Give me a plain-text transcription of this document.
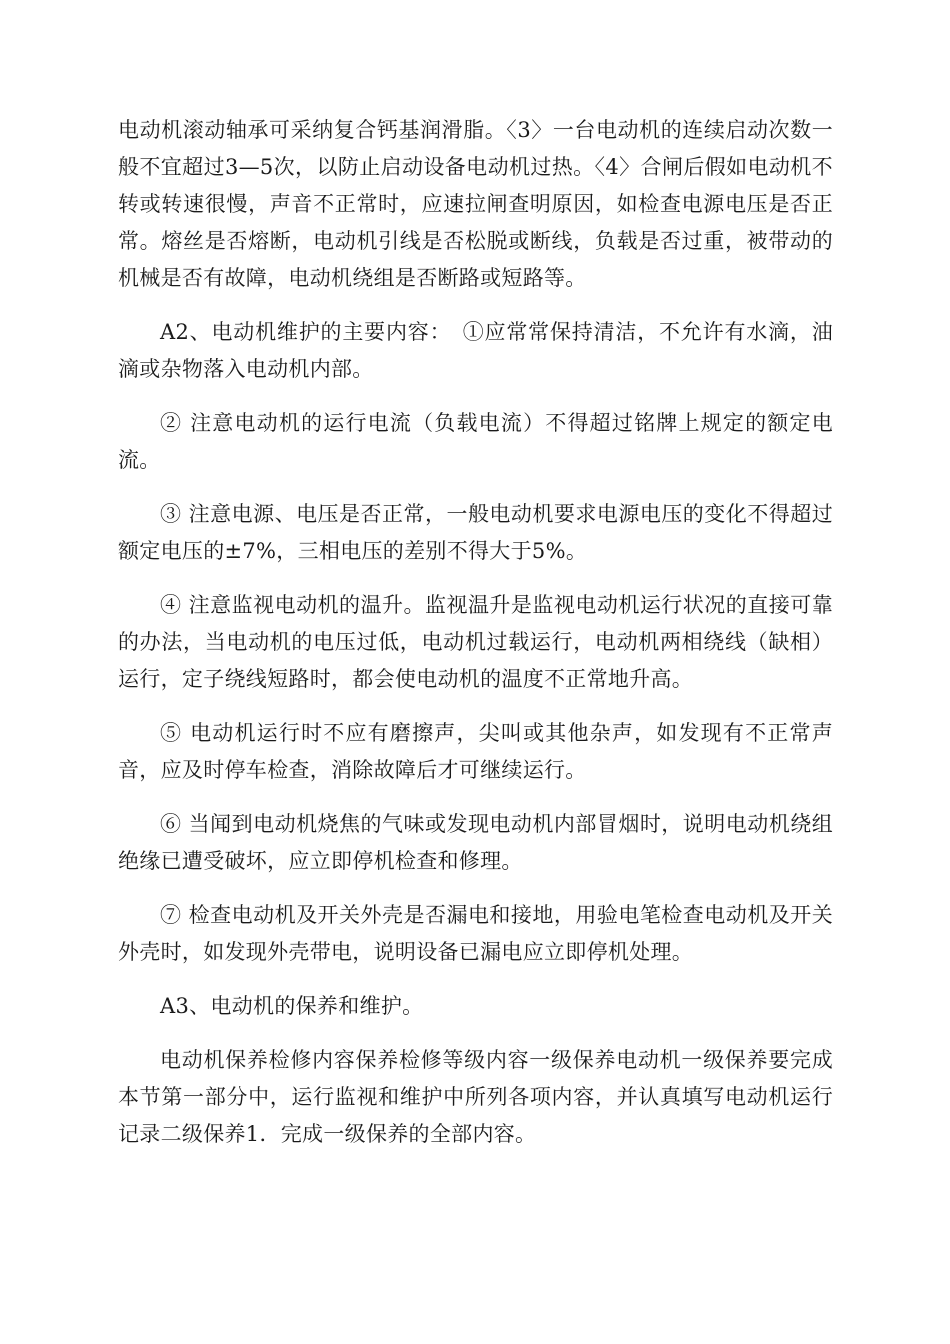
电动机滚动轴承可采纳复合钙基润滑脂。〈3〉一台电动机的连续启动次数一般不宜超过3—5次，以防止启动设备电动机过热。〈4〉合闸后假如电动机不转或转速很慢，声音不正常时，应速拉闸查明原因，如检查电源电压是否正常。熔丝是否熔断，电动机引线是否松脱或断线，负载是否过重，被带动的机械是否有故障，电动机绕组是否断路或短路等。

A2、电动机维护的主要内容：　①应常常保持清洁，不允许有水滴，油滴或杂物落入电动机内部。

② 注意电动机的运行电流（负载电流）不得超过铭牌上规定的额定电流。

③ 注意电源、电压是否正常，一般电动机要求电源电压的变化不得超过额定电压的±7%，三相电压的差别不得大于5%。

④ 注意监视电动机的温升。监视温升是监视电动机运行状况的直接可靠的办法，当电动机的电压过低，电动机过载运行，电动机两相绕线（缺相）运行，定子绕线短路时，都会使电动机的温度不正常地升高。

⑤ 电动机运行时不应有磨擦声，尖叫或其他杂声，如发现有不正常声音，应及时停车检查，消除故障后才可继续运行。

⑥ 当闻到电动机烧焦的气味或发现电动机内部冒烟时，说明电动机绕组绝缘已遭受破坏，应立即停机检查和修理。

⑦ 检查电动机及开关外壳是否漏电和接地，用验电笔检查电动机及开关外壳时，如发现外壳带电，说明设备已漏电应立即停机处理。

A3、电动机的保养和维护。

电动机保养检修内容保养检修等级内容一级保养电动机一级保养要完成本节第一部分中，运行监视和维护中所列各项内容，并认真填写电动机运行记录二级保养1．完成一级保养的全部内容。
